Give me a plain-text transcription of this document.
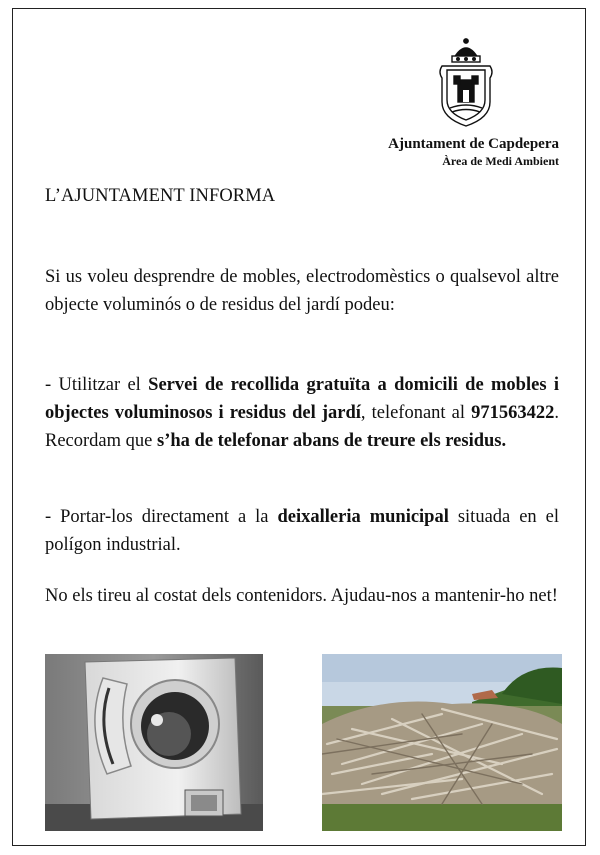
Ajuntament de Capdepera
Àrea de Medi Ambient
L’AJUNTAMENT INFORMA

Si us voleu desprendre de mobles, electrodomèstics o qualsevol altre objecte voluminós o de residus del jardí podeu:

- Utilitzar el Servei de recollida gratuïta a domicili de mobles i objectes voluminosos i residus del jardí, telefonant al 971563422. Recordam que s’ha de telefonar abans de treure els residus.

- Portar-los directament a la deixalleria municipal situada en el polígon industrial.

No els tireu al costat dels contenidors. Ajudau-nos a mantenir-ho net!
